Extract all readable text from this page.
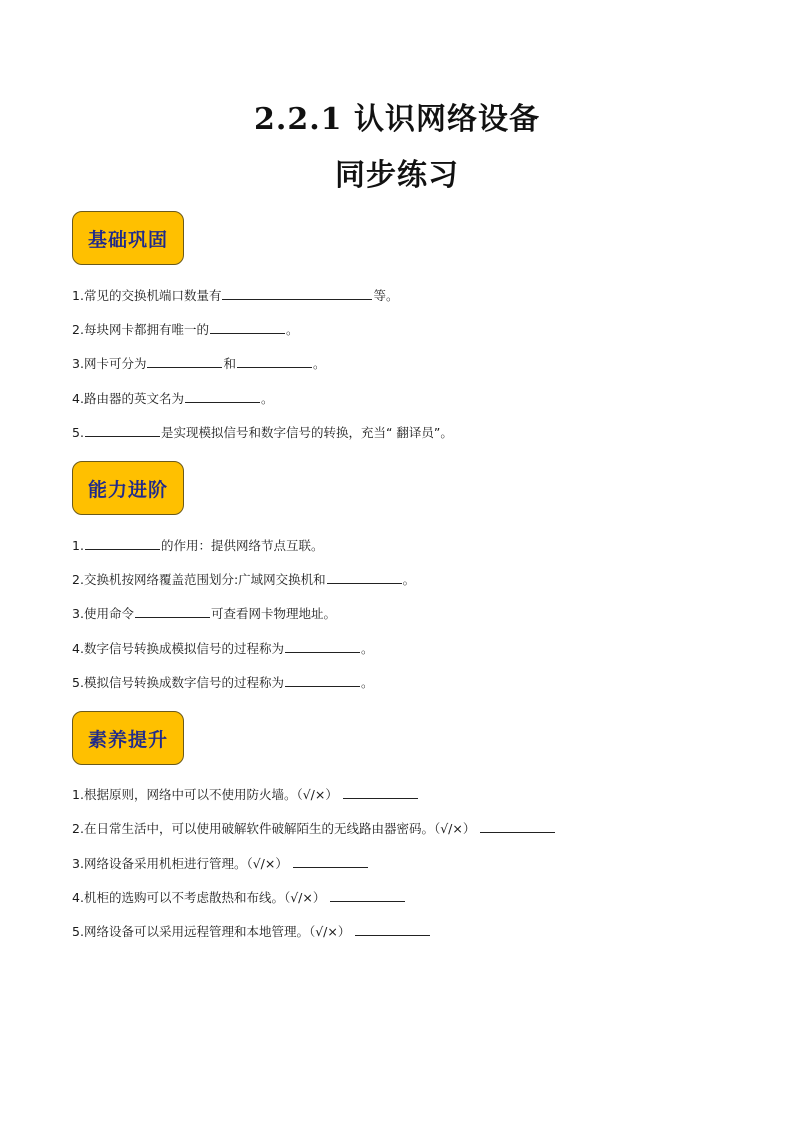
2.2.1 认识网络设备
同步练习
基础巩固
1.常见的交换机端口数量有	等。
2.每块网卡都拥有唯一的	。
3.网卡可分为	和	。
4.路由器的英文名为	。
5.	是实现模拟信号和数字信号的转换，充当“ 翻译员”。
能力进阶
1.	的作用：提供网络节点互联。
2.交换机按网络覆盖范围划分:广域网交换机和	。
3.使用命令	可查看网卡物理地址。
4.数字信号转换成模拟信号的过程称为	。
5.模拟信号转换成数字信号的过程称为	。
素养提升
1.根据原则，网络中可以不使用防火墙。（√/×）
2.在日常生活中，可以使用破解软件破解陌生的无线路由器密码。（√/×）
3.网络设备采用机柜进行管理。（√/×）
4.机柜的选购可以不考虑散热和布线。（√/×）
5.网络设备可以采用远程管理和本地管理。（√/×）
